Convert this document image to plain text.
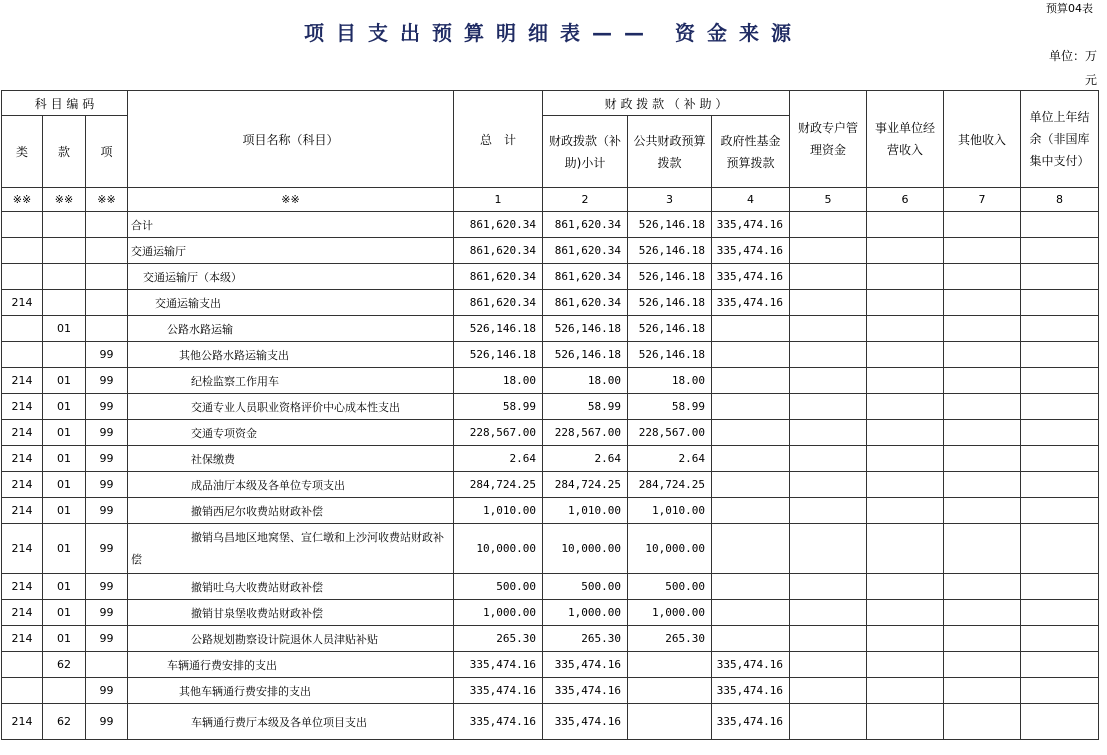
预算04表
项目支出预算明细表—— 资金来源
单位：万
元
科 目 编 码			项目名称（科目）	总　计	财 政 拨 款 （ 补 助 ）			财政专户管理资金	事业单位经营收入	其他收入	单位上年结余（非国库集中支付）
类	款	项			财政拨款（补助)小计	公共财政预算拨款	政府性基金预算拨款				
※※	※※	※※	※※	1	2	3	4	5	6	7	8
			合计	861,620.34	861,620.34	526,146.18	335,474.16				
			交通运输厅	861,620.34	861,620.34	526,146.18	335,474.16				
			交通运输厅（本级）	861,620.34	861,620.34	526,146.18	335,474.16				
214			交通运输支出	861,620.34	861,620.34	526,146.18	335,474.16				
	01		公路水路运输	526,146.18	526,146.18	526,146.18					
		99	其他公路水路运输支出	526,146.18	526,146.18	526,146.18					
214	01	99	纪检监察工作用车	18.00	18.00	18.00					
214	01	99	交通专业人员职业资格评价中心成本性支出	58.99	58.99	58.99					
214	01	99	交通专项资金	228,567.00	228,567.00	228,567.00					
214	01	99	社保缴费	2.64	2.64	2.64					
214	01	99	成品油厅本级及各单位专项支出	284,724.25	284,724.25	284,724.25					
214	01	99	撤销西尼尔收费站财政补偿	1,010.00	1,010.00	1,010.00					
214	01	99	撤销乌昌地区地窝堡、宣仁墩和上沙河收费站财政补偿	10,000.00	10,000.00	10,000.00					
214	01	99	撤销吐乌大收费站财政补偿	500.00	500.00	500.00					
214	01	99	撤销甘泉堡收费站财政补偿	1,000.00	1,000.00	1,000.00					
214	01	99	公路规划勘察设计院退休人员津贴补贴	265.30	265.30	265.30					
	62		车辆通行费安排的支出	335,474.16	335,474.16		335,474.16				
		99	其他车辆通行费安排的支出	335,474.16	335,474.16		335,474.16				
214	62	99	车辆通行费厅本级及各单位项目支出	335,474.16	335,474.16		335,474.16				
